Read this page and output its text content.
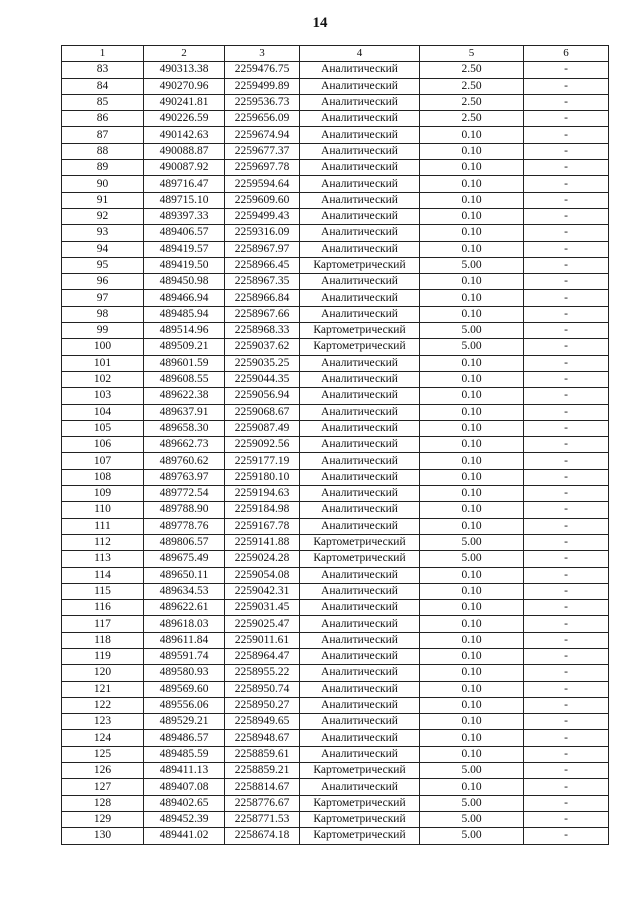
14
1	2	3	4	5	6
83	490313.38	2259476.75	Аналитический	2.50	-
84	490270.96	2259499.89	Аналитический	2.50	-
85	490241.81	2259536.73	Аналитический	2.50	-
86	490226.59	2259656.09	Аналитический	2.50	-
87	490142.63	2259674.94	Аналитический	0.10	-
88	490088.87	2259677.37	Аналитический	0.10	-
89	490087.92	2259697.78	Аналитический	0.10	-
90	489716.47	2259594.64	Аналитический	0.10	-
91	489715.10	2259609.60	Аналитический	0.10	-
92	489397.33	2259499.43	Аналитический	0.10	-
93	489406.57	2259316.09	Аналитический	0.10	-
94	489419.57	2258967.97	Аналитический	0.10	-
95	489419.50	2258966.45	Картометрический	5.00	-
96	489450.98	2258967.35	Аналитический	0.10	-
97	489466.94	2258966.84	Аналитический	0.10	-
98	489485.94	2258967.66	Аналитический	0.10	-
99	489514.96	2258968.33	Картометрический	5.00	-
100	489509.21	2259037.62	Картометрический	5.00	-
101	489601.59	2259035.25	Аналитический	0.10	-
102	489608.55	2259044.35	Аналитический	0.10	-
103	489622.38	2259056.94	Аналитический	0.10	-
104	489637.91	2259068.67	Аналитический	0.10	-
105	489658.30	2259087.49	Аналитический	0.10	-
106	489662.73	2259092.56	Аналитический	0.10	-
107	489760.62	2259177.19	Аналитический	0.10	-
108	489763.97	2259180.10	Аналитический	0.10	-
109	489772.54	2259194.63	Аналитический	0.10	-
110	489788.90	2259184.98	Аналитический	0.10	-
111	489778.76	2259167.78	Аналитический	0.10	-
112	489806.57	2259141.88	Картометрический	5.00	-
113	489675.49	2259024.28	Картометрический	5.00	-
114	489650.11	2259054.08	Аналитический	0.10	-
115	489634.53	2259042.31	Аналитический	0.10	-
116	489622.61	2259031.45	Аналитический	0.10	-
117	489618.03	2259025.47	Аналитический	0.10	-
118	489611.84	2259011.61	Аналитический	0.10	-
119	489591.74	2258964.47	Аналитический	0.10	-
120	489580.93	2258955.22	Аналитический	0.10	-
121	489569.60	2258950.74	Аналитический	0.10	-
122	489556.06	2258950.27	Аналитический	0.10	-
123	489529.21	2258949.65	Аналитический	0.10	-
124	489486.57	2258948.67	Аналитический	0.10	-
125	489485.59	2258859.61	Аналитический	0.10	-
126	489411.13	2258859.21	Картометрический	5.00	-
127	489407.08	2258814.67	Аналитический	0.10	-
128	489402.65	2258776.67	Картометрический	5.00	-
129	489452.39	2258771.53	Картометрический	5.00	-
130	489441.02	2258674.18	Картометрический	5.00	-
